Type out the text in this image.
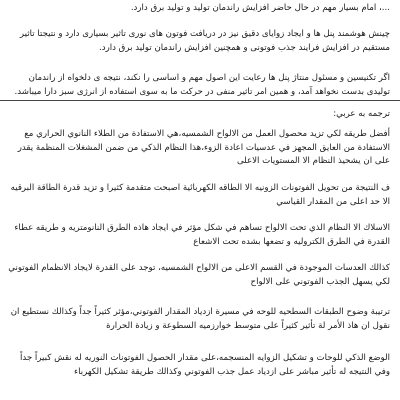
...، امام بسیار مهم در حال حاضر افزایش راندمان تولید و تولید برق دارد.

چینش هوشمند پنل ها و ایجاد زوایای دقیق نیز در دریافت فوتون های نوری تاثیر بسیاری دارد و نتیجتا تاثیر مستقیم در افزایش فرایند جذب فوتونی و همچنین افزایش راندمان تولید برق دارد.

اگر تکنیسین و مسئول منتاژ پنل ها رعایت این اصول مهم و اساسی را نکند، نتیجه ی دلخواه از راندمان تولیدی بدست نخواهد آمد، و همین امر تاثیر منفی در حرکت ما به سوی استفاده از انرژی سبز دارا میباشد.

ترجمه به عربي:

أفضل طريقه لكي تزيد محصول العمل من الالواح الشمسيه،هي الاستفادة من الطلاء النانوي الحراري مع الاستفادة من العايق المجهز في عدسيات اعادة الزوء،هذا النظام الذكي من ضمن المشغلات المنظمة يقدر على ان يشحيذ النظام الا المستويات الاعلى

ف النتيجة من تحويل الفوتونات الزونيه الا الطاقه الكهربائية اصبحت متقدمة كثيرا و تزيد قدرة الطاقة البرقيه الا حد اعلى من المقدار القياسي

الاسلاك الا النظام الذي تحت الالواح تساهم في شكل مؤثر في ايجاد هاذه الطرق النانومتريه و طريقه عطاء القدرة في الطرق الكتروليه و تضعها بشده تحت الاشعاع

كذالك العدسات الموجودة في القسم الاعلى من الالواح الشمسيه، توجد على القدرة لايجاد الانظمام الفوتوني لكي يسهل الجذب الفوتوني على الالواح

ترتيبة وضوح الطبقات السطحيه للوحه في مسيرة ازدياد المقدار الفوتوني،مؤثر كثيراً جداً وكذالك نستطيع ان نقول ان هاذ الأمر لة تأثير كثيراً على متوسط خوارزميه السطوعة و زيادة الحرارة

الوضع الذكي للوحات و تشكيل الزوايه المنسجمه،على مقدار الحصول الفوتونات النوريه له نقش كبيراً جداً وفي النتيجه له تأثير مباشر على ازدياد عمل جذب الفوتوني وكذالك طريقة تشكيل الكهرباء
